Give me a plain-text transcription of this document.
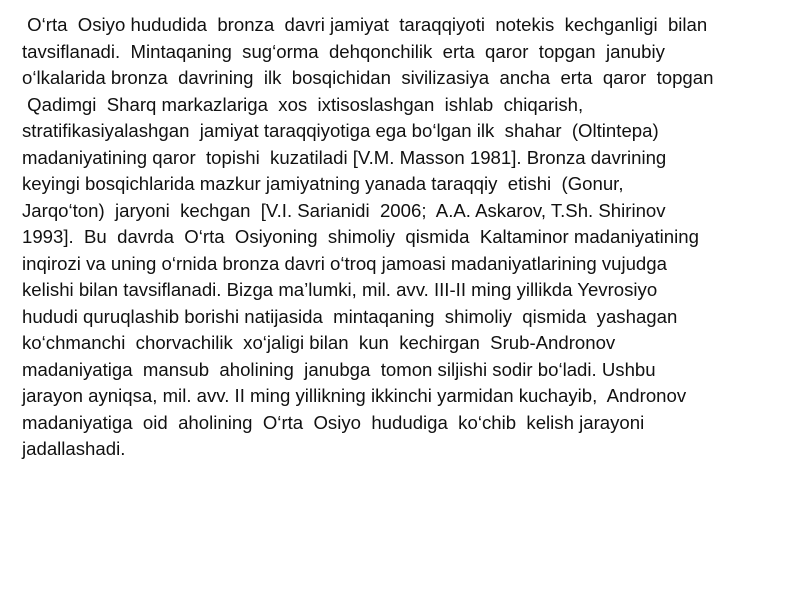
O‘rta  Osiyo hududida  bronza  davri jamiyat  taraqqiyoti  notekis  kechganligi  bilan
tavsiflanadi.  Mintaqaning  sug‘orma  dehqonchilik  erta  qaror  topgan  janubiy
o‘lkalarida bronza  davrining  ilk  bosqichidan  sivilizasiya  ancha  erta  qaror  topgan
Qadimgi  Sharq markazlariga  xos  ixtisoslashgan  ishlab  chiqarish,
stratifikasiyalashgan  jamiyat taraqqiyotiga ega bo‘lgan ilk  shahar  (Oltintepa)
madaniyatining qaror  topishi  kuzatiladi [V.M. Masson 1981]. Bronza davrining
keyingi bosqichlarida mazkur jamiyatning yanada taraqqiy  etishi  (Gonur,
Jarqo‘ton)  jaryoni  kechgan  [V.I. Sarianidi  2006;  A.A. Askarov, T.Sh. Shirinov
1993].  Bu  davrda  O‘rta  Osiyoning  shimoliy  qismida  Kaltaminor madaniyatining
inqirozi va uning o‘rnida bronza davri o‘troq jamoasi madaniyatlarining vujudga
kelishi bilan tavsiflanadi. Bizga ma’lumki, mil. avv. III-II ming yillikda Yevrosiyo
hududi quruqlashib borishi natijasida  mintaqaning  shimoliy  qismida  yashagan
ko‘chmanchi  chorvachilik  xo‘jaligi bilan  kun  kechirgan  Srub-Andronov
madaniyatiga  mansub  aholining  janubga  tomon siljishi sodir bo‘ladi. Ushbu
jarayon ayniqsa, mil. avv. II ming yillikning ikkinchi yarmidan kuchayib,  Andronov
madaniyatiga  oid  aholining  O‘rta  Osiyo  hududiga  ko‘chib  kelish jarayoni
jadallashadi.
